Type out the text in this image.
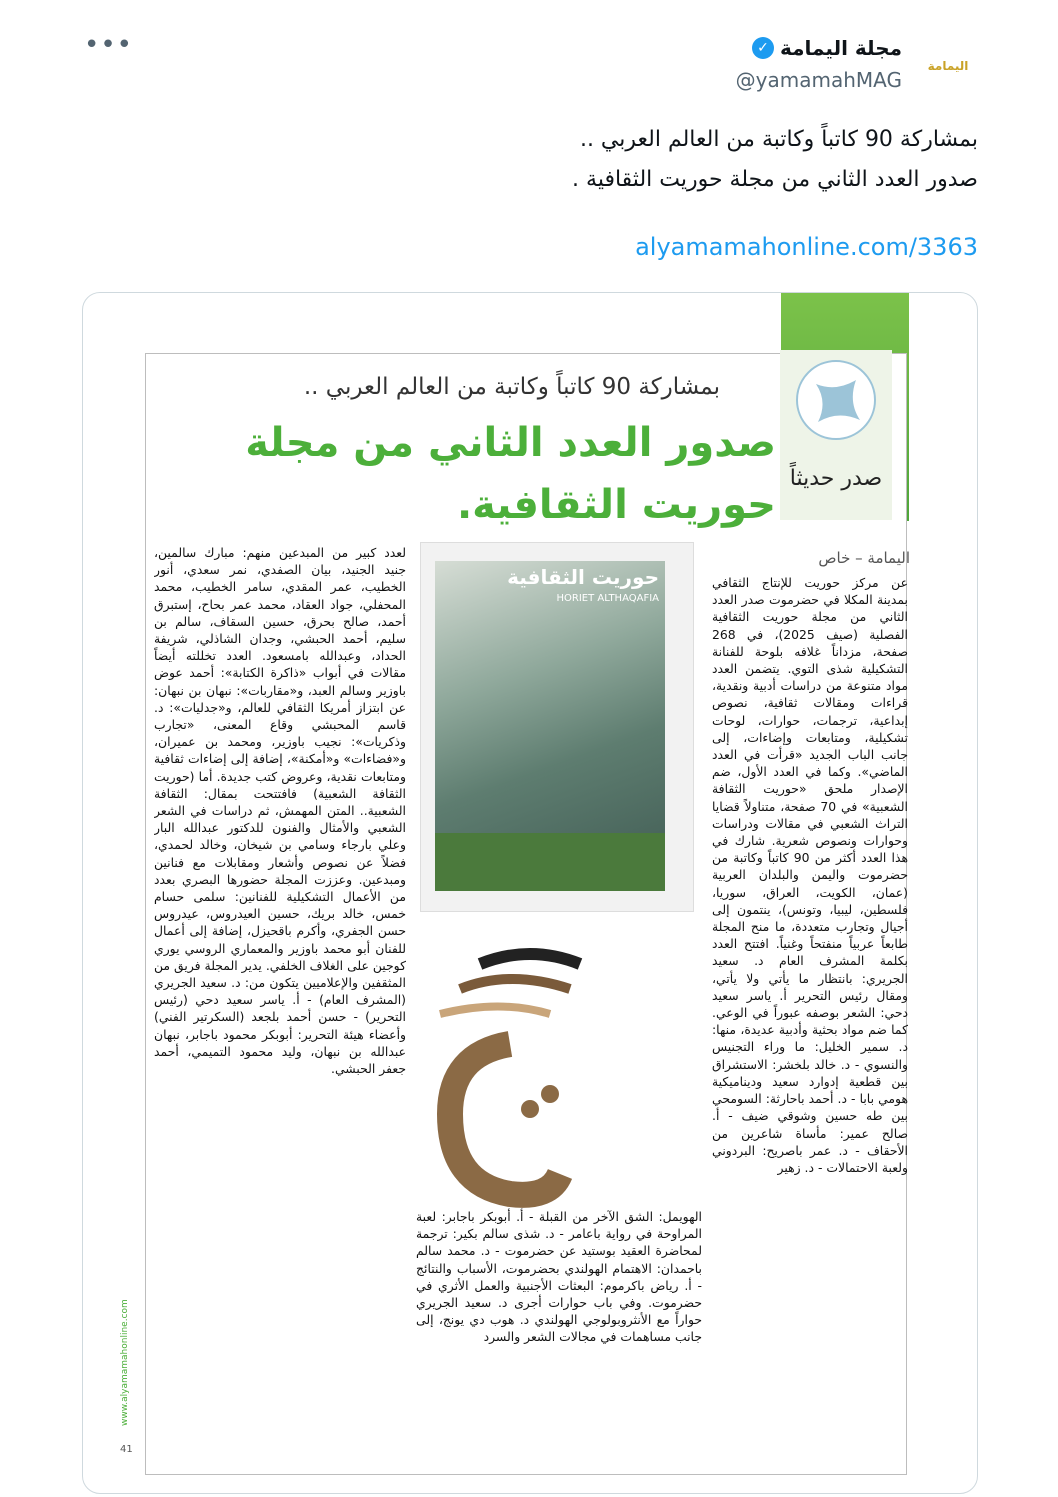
•••
اليمامة
مجلة اليمامة
✓
@yamamahMAG
بمشاركة 90 كاتباً وكاتبة من العالم العربي ..
صدور العدد الثاني من مجلة حوريت الثقافية .
alyamamahonline.com/3363
صدر حديثاً
بمشاركة 90 كاتباً وكاتبة من العالم العربي ..
صدور العدد الثاني من مجلة حوريت الثقافية.
اليمامة – خاص
عن مركز حوريت للإنتاج الثقافي بمدينة المكلا في حضرموت صدر العدد الثاني من مجلة حوريت الثقافية الفصلية (صيف 2025)، في 268 صفحة، مزداناً غلافه بلوحة للفنانة التشكيلية شذى التوي. يتضمن العدد مواد متنوعة من دراسات أدبية ونقدية، قراءات ومقالات ثقافية، نصوص إبداعية، ترجمات، حوارات، لوحات تشكيلية، ومتابعات وإضاءات، إلى جانب الباب الجديد «قرأت في العدد الماضي». وكما في العدد الأول، ضم الإصدار ملحق «حوريت الثقافة الشعبية» في 70 صفحة، متناولاً قضايا التراث الشعبي في مقالات ودراسات وحوارات ونصوص شعرية. شارك في هذا العدد أكثر من 90 كاتباً وكاتبة من حضرموت واليمن والبلدان العربية (عمان، الكويت، العراق، سوريا، فلسطين، ليبيا، وتونس)، ينتمون إلى أجيال وتجارب متعددة، ما منح المجلة طابعاً عربياً منفتحاً وغنياً. افتتح العدد بكلمة المشرف العام د. سعيد الجريري: بانتظار ما يأتي ولا يأتي، ومقال رئيس التحرير أ. ياسر سعيد دحي: الشعر بوصفه عبوراً في الوعي. كما ضم مواد بحثية وأدبية عديدة، منها: د. سمير الخليل: ما وراء التجنيس والنسوي - د. خالد بلخشر: الاستشراق بين قطعية إدوارد سعيد وديناميكية هومي بابا - د. أحمد باحارثة: السومحي بين طه حسين وشوقي ضيف - أ. صالح عمير: مأساة شاعرين من الأحقاف - د. عمر باصريح: البردوني ولعبة الاحتمالات - د. زهير
حوريت الثقافية
HORIET ALTHAQAFIA
الهويمل: الشق الآخر من القبلة - أ. أبوبكر باجابر: لعبة المراوحة في رواية باعامر - د. شذى سالم بكير: ترجمة لمحاضرة العقيد بوستيد عن حضرموت - د. محمد سالم باحمدان: الاهتمام الهولندي بحضرموت، الأسباب والنتائج - أ. رياض باكرموم: البعثات الأجنبية والعمل الأثري في حضرموت. وفي باب حوارات أجرى د. سعيد الجريري حواراً مع الأنثروبولوجي الهولندي د. هوب دي يونج، إلى جانب مساهمات في مجالات الشعر والسرد
لعدد كبير من المبدعين منهم: مبارك سالمين، جنيد الجنيد، بيان الصفدي، نمر سعدي، أنور الخطيب، عمر المقدي، سامر الخطيب، محمد المحفلي، جواد العقاد، محمد عمر بحاح، إستبرق أحمد، صالح بحرق، حسين السقاف، سالم بن سليم، أحمد الحبشي، وجدان الشاذلي، شريفة الحداد، وعبدالله بامسعود. العدد تخللته أيضاً مقالات في أبواب «ذاكرة الكتابة»: أحمد عوض باوزير وسالم العبد، و«مقاربات»: نبهان بن نبهان: عن ابتزاز أمريكا الثقافي للعالم، و«جدليات»: د. قاسم المحبشي وقاع المعنى، «تجارب وذكريات»: نجيب باوزير، ومحمد بن عميران، و«فضاءات» و«أمكنة»، إضافة إلى إضاءات ثقافية ومتابعات نقدية، وعروض كتب جديدة. أما (حوريت الثقافة الشعبية) فافتتحت بمقال: الثقافة الشعبية.. المتن المهمش، ثم دراسات في الشعر الشعبي والأمثال والفنون للدكتور عبدالله البار وعلي بارجاء وسامي بن شيخان، وخالد لحمدي، فضلاً عن نصوص وأشعار ومقابلات مع فنانين ومبدعين. وعززت المجلة حضورها البصري بعدد من الأعمال التشكيلية للفنانين: سلمى حسام خمس، خالد بريك، حسين العيدروس، عيدروس حسن الجفري، وأكرم باقحيزل، إضافة إلى أعمال للفنان أبو محمد باوزير والمعماري الروسي يوري كوجين على الغلاف الخلفي. يدير المجلة فريق من المثقفين والإعلاميين يتكون من: د. سعيد الجريري (المشرف العام) - أ. ياسر سعيد دحي (رئيس التحرير) - حسن أحمد بلجعد (السكرتير الفني) وأعضاء هيئة التحرير: أبوبكر محمود باجابر، نبهان عبدالله بن نبهان، وليد محمود التميمي، أحمد جعفر الحبشي.
www.alyamamahonline.com
41
